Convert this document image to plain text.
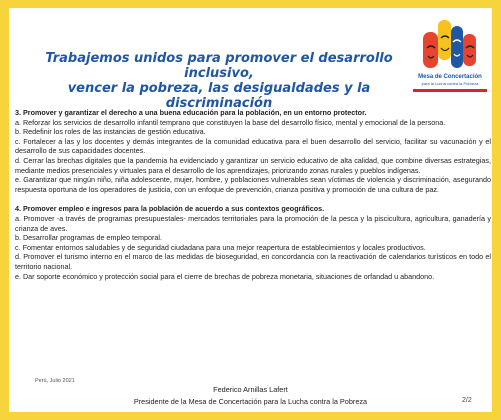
Trabajemos unidos para promover el desarrollo inclusivo,
vencer la pobreza, las desigualdades y la discriminación
Mesa de Concertación
para la Lucha contra la Pobreza

3. Promover y garantizar el derecho a una buena educación para la población, en un entorno protector.

a. Reforzar los servicios de desarrollo infantil temprano que constituyen la base del desarrollo físico, mental y emocional de la persona.

b. Redefinir los roles de las instancias de gestión educativa.

c. Fortalecer a las y los docentes y demás integrantes de la comunidad educativa para el buen desarrollo del servicio, facilitar su vacunación y el desarrollo de sus capacidades docentes.

d. Cerrar las brechas digitales que la pandemia ha evidenciado y garantizar un servicio educativo de alta calidad, que combine diversas estrategias, mediante medios presenciales y virtuales para el desarrollo de los aprendizajes, priorizando zonas rurales y pueblos indígenas.

e. Garantizar que ningún niño, niña adolescente, mujer, hombre, y poblaciones vulnerables sean víctimas de violencia y discriminación, asegurando respuesta oportuna de los operadores de justicia, con un enfoque de prevención, crianza positiva y promoción de una cultura de paz.

4. Promover empleo e ingresos para la población de acuerdo a sus contextos geográficos.

a. Promover -a través de programas presupuestales- mercados territoriales para la promoción de la pesca y la piscicultura, agricultura, ganadería y crianza de aves.

b. Desarrollar programas de empleo temporal.

c. Fomentar entornos saludables y de seguridad ciudadana para una mejor reapertura de establecimientos y locales productivos.

d. Promover el turismo interno en el marco de las medidas de bioseguridad, en concordancia con la reactivación de calendarios turísticos en todo el territorio nacional.

e. Dar soporte económico y protección social para el cierre de brechas de pobreza monetaria, situaciones de orfandad u abandono.

Perú, Julio 2021
Federico Arnillas Lafert
Presidente de la Mesa de Concertación para la Lucha contra la Pobreza	2/2
